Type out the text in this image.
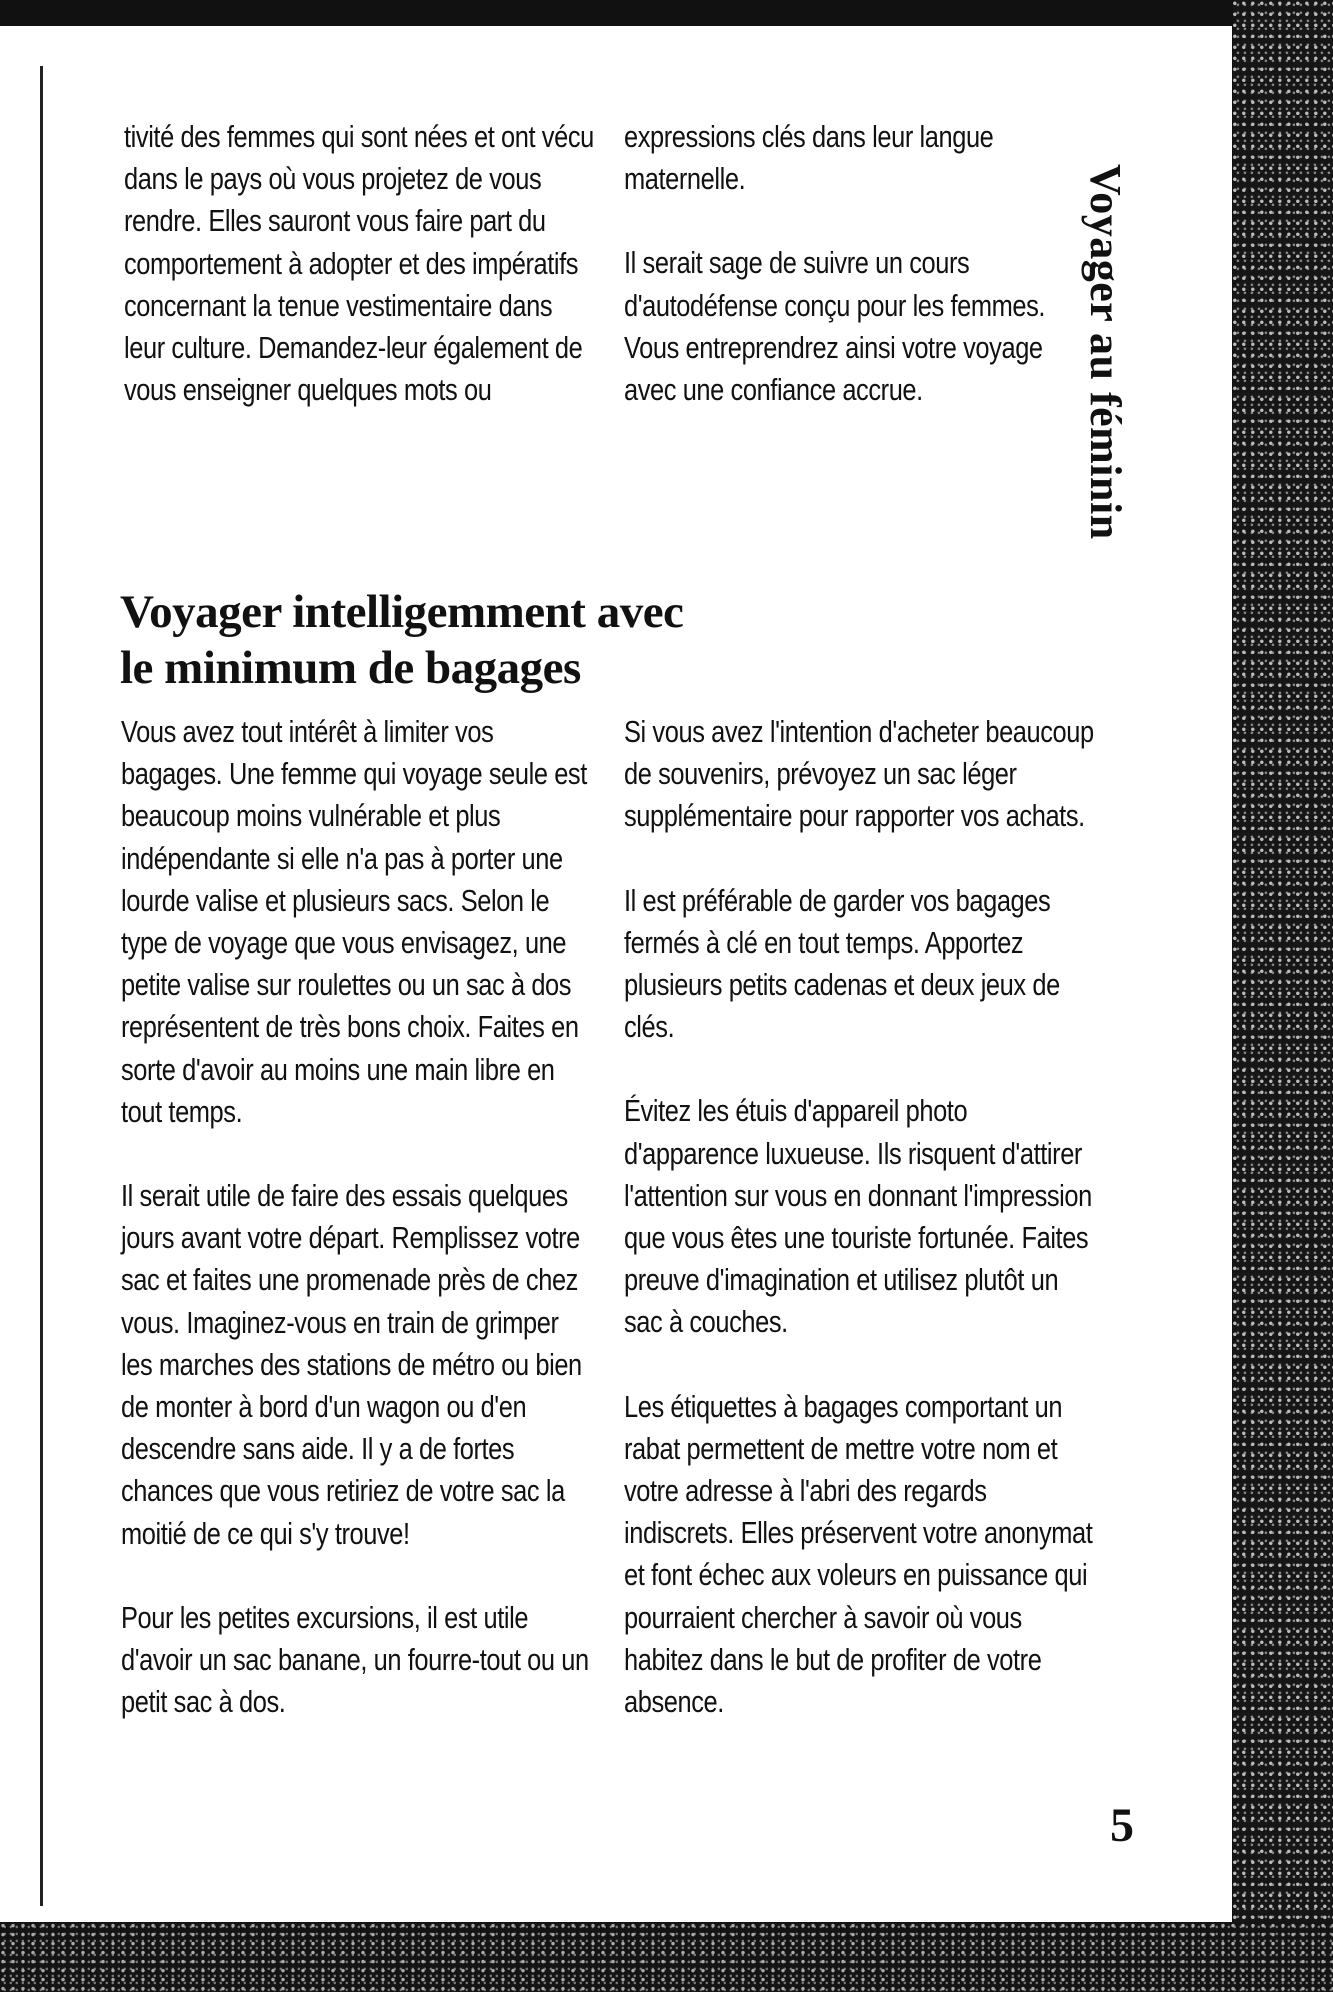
tivité des femmes qui sont nées et ont vécu dans le pays où vous projetez de vous rendre. Elles sauront vous faire part du comportement à adopter et des impératifs concernant la tenue vestimentaire dans leur culture. Demandez-leur également de vous enseigner quelques mots ou

expressions clés dans leur langue maternelle.

Il serait sage de suivre un cours d'autodéfense conçu pour les femmes. Vous entreprendrez ainsi votre voyage avec une confiance accrue.

Voyager intelligemment avec
le minimum de bagages

Vous avez tout intérêt à limiter vos bagages. Une femme qui voyage seule est beaucoup moins vulnérable et plus indépendante si elle n'a pas à porter une lourde valise et plusieurs sacs. Selon le type de voyage que vous envisagez, une petite valise sur roulettes ou un sac à dos représentent de très bons choix. Faites en sorte d'avoir au moins une main libre en tout temps.

Il serait utile de faire des essais quelques jours avant votre départ. Remplissez votre sac et faites une promenade près de chez vous. Imaginez-vous en train de grimper les marches des stations de métro ou bien de monter à bord d'un wagon ou d'en descendre sans aide. Il y a de fortes chances que vous retiriez de votre sac la moitié de ce qui s'y trouve!

Pour les petites excursions, il est utile d'avoir un sac banane, un fourre-tout ou un petit sac à dos.

Si vous avez l'intention d'acheter beaucoup de souvenirs, prévoyez un sac léger supplémentaire pour rapporter vos achats.

Il est préférable de garder vos bagages fermés à clé en tout temps. Apportez plusieurs petits cadenas et deux jeux de clés.

Évitez les étuis d'appareil photo d'apparence luxueuse. Ils risquent d'attirer l'attention sur vous en donnant l'impression que vous êtes une touriste fortunée. Faites preuve d'imagination et utilisez plutôt un sac à couches.

Les étiquettes à bagages comportant un rabat permettent de mettre votre nom et votre adresse à l'abri des regards indiscrets. Elles préservent votre anonymat et font échec aux voleurs en puissance qui pourraient chercher à savoir où vous habitez dans le but de profiter de votre absence.

Voyager au féminin
5
